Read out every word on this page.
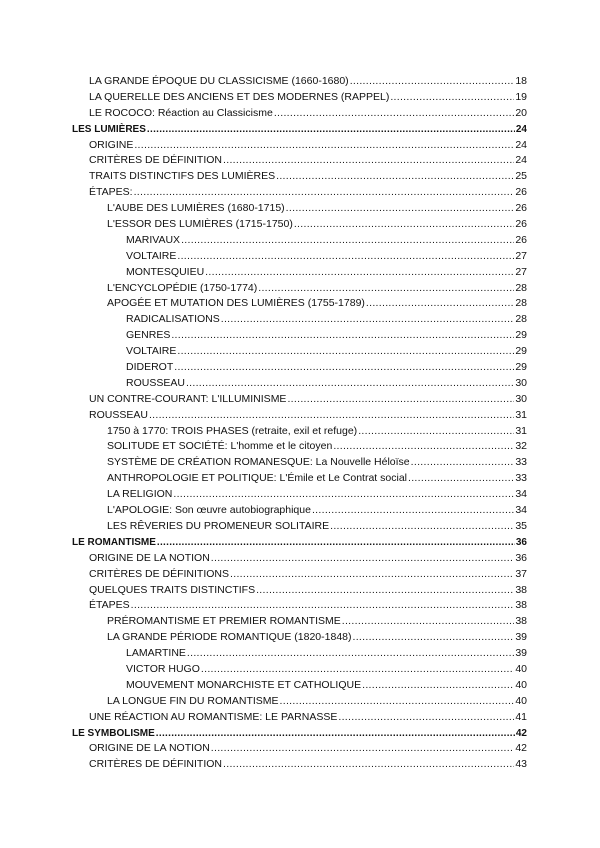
LA GRANDE ÉPOQUE DU CLASSICISME (1660-1680) .....	18
LA QUERELLE DES ANCIENS ET DES MODERNES (RAPPEL) .....	19
LE ROCOCO: Réaction au Classicisme .....	20
LES LUMIÈRES .....	24
ORIGINE .....	24
CRITÈRES DE DÉFINITION .....	24
TRAITS DISTINCTIFS DES LUMIÈRES .....	25
ÉTAPES: .....	26
L'AUBE DES LUMIÈRES (1680-1715) .....	26
L'ESSOR DES LUMIÈRES (1715-1750) .....	26
MARIVAUX .....	26
VOLTAIRE .....	27
MONTESQUIEU .....	27
L'ENCYCLOPÉDIE (1750-1774) .....	28
APOGÉE ET MUTATION DES LUMIÈRES (1755-1789) .....	28
RADICALISATIONS .....	28
GENRES .....	29
VOLTAIRE .....	29
DIDEROT .....	29
ROUSSEAU .....	30
UN CONTRE-COURANT: L'ILLUMINISME .....	30
ROUSSEAU .....	31
1750 à 1770: TROIS PHASES (retraite, exil et refuge) .....	31
SOLITUDE ET SOCIÉTÉ: L'homme et le citoyen .....	32
SYSTÈME DE CRÉATION ROMANESQUE: La Nouvelle Héloïse .....	33
ANTHROPOLOGIE ET POLITIQUE: L'Émile et Le Contrat social .....	33
LA RELIGION .....	34
L'APOLOGIE: Son œuvre autobiographique .....	34
LES RÊVERIES DU PROMENEUR SOLITAIRE .....	35
LE ROMANTISME .....	36
ORIGINE DE LA NOTION .....	36
CRITÈRES DE DÉFINITIONS .....	37
QUELQUES TRAITS DISTINCTIFS .....	38
ÉTAPES .....	38
PRÉROMANTISME ET PREMIER ROMANTISME .....	38
LA GRANDE PÉRIODE ROMANTIQUE (1820-1848) .....	39
LAMARTINE .....	39
VICTOR HUGO .....	40
MOUVEMENT MONARCHISTE ET CATHOLIQUE .....	40
LA LONGUE FIN DU ROMANTISME .....	40
UNE RÉACTION AU ROMANTISME: LE PARNASSE .....	41
LE SYMBOLISME .....	42
ORIGINE DE LA NOTION .....	42
CRITÈRES DE DÉFINITION .....	43
